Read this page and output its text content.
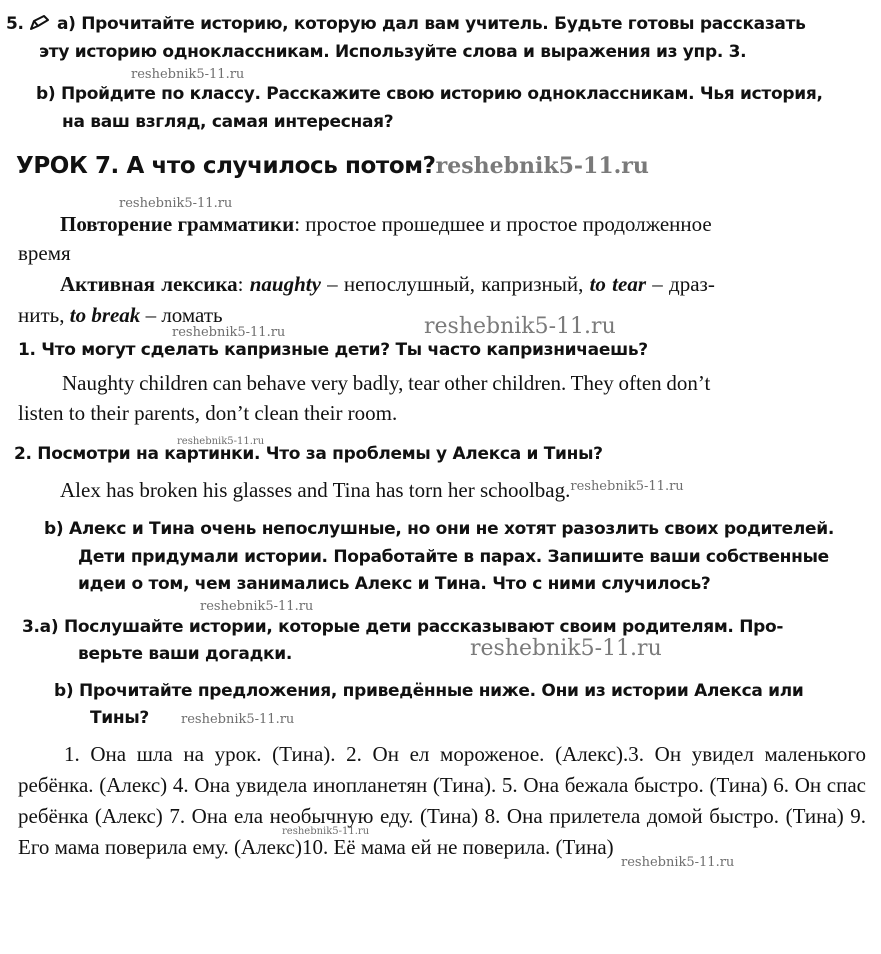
5. a) Прочитайте историю, которую дал вам учитель. Будьте готовы рассказать
эту историю одноклассникам. Используйте слова и выражения из упр. 3.
reshebnik5-11.ru
b) Пройдите по классу. Расскажите свою историю одноклассникам. Чья история,
на ваш взгляд, самая интересная?
УРОК 7. А что случилось потом?reshebnik5-11.ru
reshebnik5-11.ru
Повторение грамматики: простое прошедшее и простое продолженное
время
Активная лексика: naughty – непослушный, капризный, to tear – драз-
нить, to break – ломать
reshebnik5-11.ru	reshebnik5-11.ru
1. Что могут сделать капризные дети? Ты часто капризничаешь?
Naughty children can behave very badly, tear other children. They often don’t
listen to their parents, don’t clean their room.
reshebnik5-11.ru
2. Посмотри на картинки. Что за проблемы у Алекса и Тины?
Alex has broken his glasses and Tina has torn her schoolbag.$^{reshebnik5-11.ru}$
b) Алекс и Тина очень непослушные, но они не хотят разозлить своих родителей.
Дети придумали истории. Поработайте в парах. Запишите ваши собственные
идеи о том, чем занимались Алекс и Тина. Что с ними случилось?
reshebnik5-11.ru
3.a) Послушайте истории, которые дети рассказывают своим родителям. Про-
верьте ваши догадки.	reshebnik5-11.ru
b) Прочитайте предложения, приведённые ниже. Они из истории Алекса или
Тины? reshebnik5-11.ru
1. Она шла на урок. (Тина). 2. Он ел мороженое. (Алекс).3. Он увидел маленького ребёнка. (Алекс) 4. Она увидела инопланетян (Тина). 5. Она бежала быстро. (Тина) 6. Он спас ребёнка (Алекс) 7. Она ела необычную еду. (Тина) 8. Она прилетела домой быстро. (Тина) 9. Его мама поверила ему. (Алекс)10. Её мама ей не поверила. (Тина)
reshebnik5-11.ru
reshebnik5-11.ru
